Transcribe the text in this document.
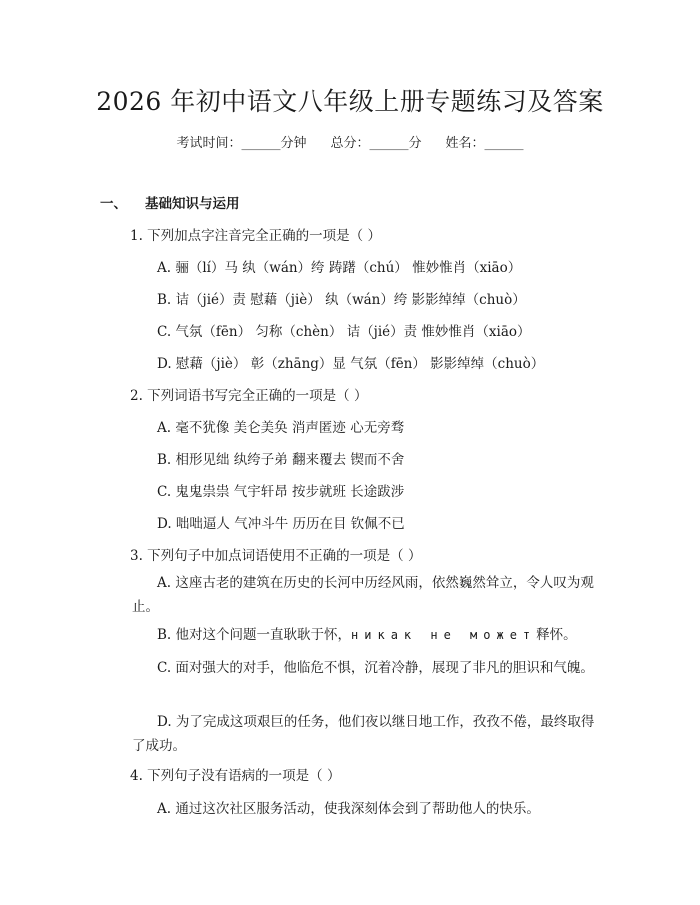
2026 年初中语文八年级上册专题练习及答案
考试时间：______分钟 总分：______分 姓名：______
一、 基础知识与运用
1. 下列加点字注音完全正确的一项是（ ）
A. 骊（lí）马 纨（wán）绔 踌躇（chú） 惟妙惟肖（xiāo）
B. 诘（jié）责 慰藉（jiè） 纨（wán）绔 影影绰绰（chuò）
C. 气氛（fēn） 匀称（chèn） 诘（jié）责 惟妙惟肖（xiāo）
D. 慰藉（jiè） 彰（zhāng）显 气氛（fēn） 影影绰绰（chuò）
2. 下列词语书写完全正确的一项是（ ）
A. 毫不犹像 美仑美奂 消声匿迹 心无旁骛
B. 相形见绌 纨绔子弟 翻来覆去 锲而不舍
C. 鬼鬼祟祟 气宇轩昂 按步就班 长途跋涉
D. 咄咄逼人 气冲斗牛 历历在目 钦佩不已
3. 下列句子中加点词语使用不正确的一项是（ ）
A. 这座古老的建筑在历史的长河中历经风雨，依然巍然耸立，令人叹为观止。
B. 他对这个问题一直耿耿于怀，никак не может释怀。
C. 面对强大的对手，他临危不惧，沉着冷静，展现了非凡的胆识和气魄。
D. 为了完成这项艰巨的任务，他们夜以继日地工作，孜孜不倦，最终取得了成功。
4. 下列句子没有语病的一项是（ ）
A. 通过这次社区服务活动，使我深刻体会到了帮助他人的快乐。
